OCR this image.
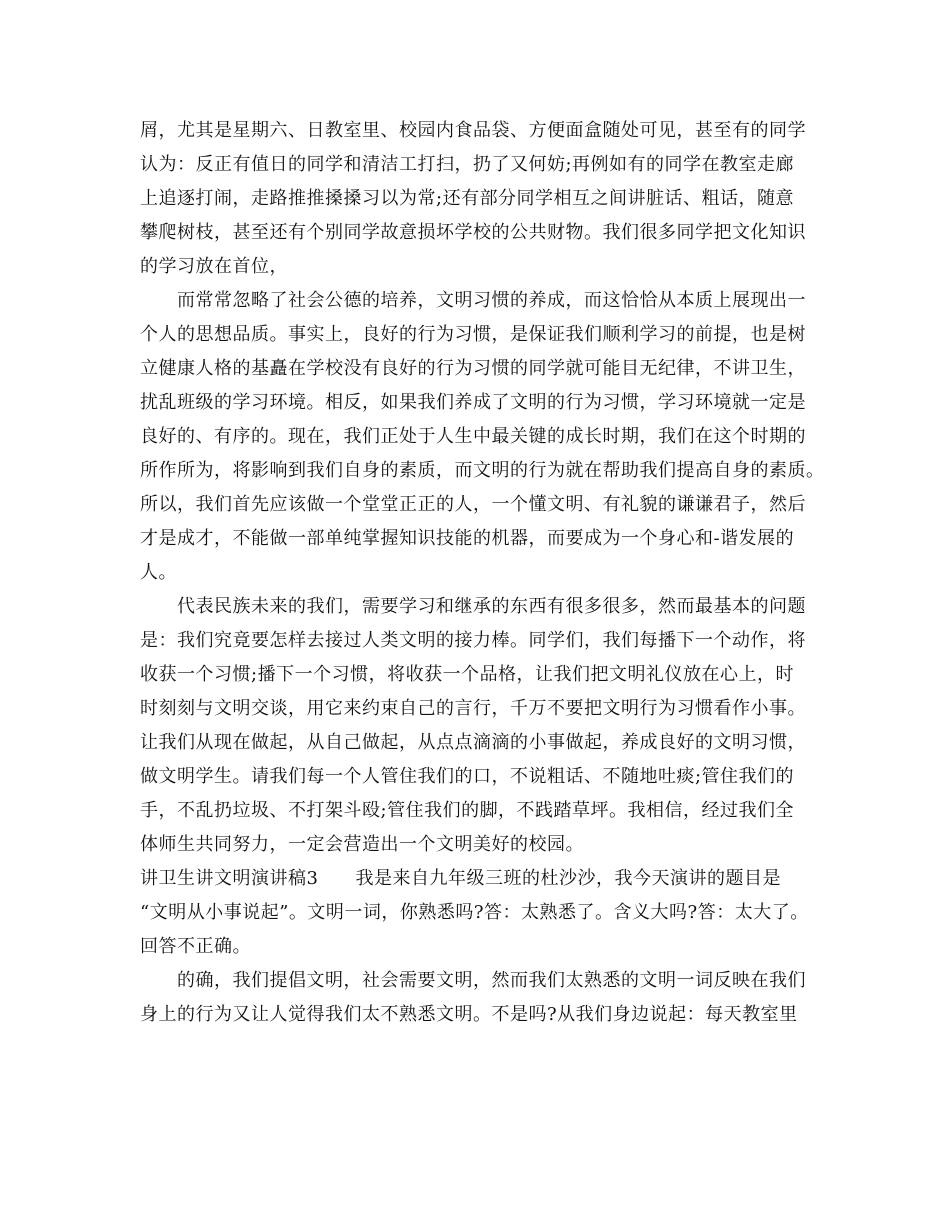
屑，尤其是星期六、日教室里、校园内食品袋、方便面盒随处可见，甚至有的同学
认为：反正有值日的同学和清洁工打扫，扔了又何妨;再例如有的同学在教室走廊
上追逐打闹，走路推推搡搡习以为常;还有部分同学相互之间讲脏话、粗话，随意
攀爬树枝，甚至还有个别同学故意损坏学校的公共财物。我们很多同学把文化知识
的学习放在首位，
而常常忽略了社会公德的培养，文明习惯的养成，而这恰恰从本质上展现出一
个人的思想品质。事实上，良好的行为习惯，是保证我们顺利学习的前提，也是树
立健康人格的基矗在学校没有良好的行为习惯的同学就可能目无纪律，不讲卫生，
扰乱班级的学习环境。相反，如果我们养成了文明的行为习惯，学习环境就一定是
良好的、有序的。现在，我们正处于人生中最关键的成长时期，我们在这个时期的
所作所为，将影响到我们自身的素质，而文明的行为就在帮助我们提高自身的素质。
所以，我们首先应该做一个堂堂正正的人，一个懂文明、有礼貌的谦谦君子，然后
才是成才，不能做一部单纯掌握知识技能的机器，而要成为一个身心和-谐发展的
人。
代表民族未来的我们，需要学习和继承的东西有很多很多，然而最基本的问题
是：我们究竟要怎样去接过人类文明的接力棒。同学们，我们每播下一个动作，将
收获一个习惯;播下一个习惯，将收获一个品格，让我们把文明礼仪放在心上，时
时刻刻与文明交谈，用它来约束自己的言行，千万不要把文明行为习惯看作小事。
让我们从现在做起，从自己做起，从点点滴滴的小事做起，养成良好的文明习惯，
做文明学生。请我们每一个人管住我们的口，不说粗话、不随地吐痰;管住我们的
手，不乱扔垃圾、不打架斗殴;管住我们的脚，不践踏草坪。我相信，经过我们全
体师生共同努力，一定会营造出一个文明美好的校园。
讲卫生讲文明演讲稿3　　我是来自九年级三班的杜沙沙，我今天演讲的题目是
“文明从小事说起”。文明一词，你熟悉吗?答：太熟悉了。含义大吗?答：太大了。
回答不正确。
的确，我们提倡文明，社会需要文明，然而我们太熟悉的文明一词反映在我们
身上的行为又让人觉得我们太不熟悉文明。不是吗?从我们身边说起：每天教室里
